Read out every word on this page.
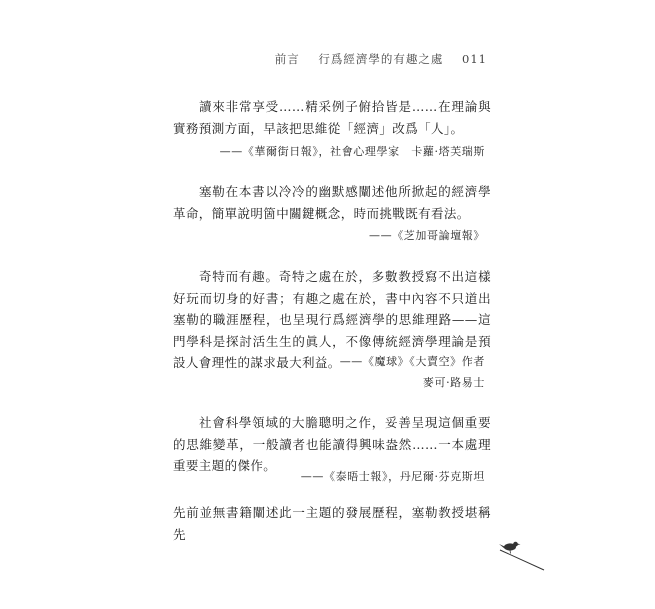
前言 行爲經濟學的有趣之處 011
讀來非常享受……精采例子俯拾皆是……在理論與實務預測方面，早該把思維從「經濟」改爲「人」。
——《華爾街日報》，社會心理學家　卡蘿·塔芙瑞斯
塞勒在本書以冷冷的幽默感闡述他所掀起的經濟學革命，簡單說明箇中關鍵概念，時而挑戰既有看法。
——《芝加哥論壇報》
奇特而有趣。奇特之處在於，多數教授寫不出這樣好玩而切身的好書；有趣之處在於，書中內容不只道出塞勒的職涯歷程，也呈現行爲經濟學的思維理路——這門學科是探討活生生的眞人，不像傳統經濟學理論是預設人會理性的謀求最大利益。
——《魔球》《大賣空》作者
麥可·路易士
社會科學領域的大膽聰明之作，妥善呈現這個重要的思維變革，一般讀者也能讀得興味盎然……一本處理重要主題的傑作。
——《泰晤士報》，丹尼爾·芬克斯坦
先前並無書籍闡述此一主題的發展歷程，塞勒教授堪稱先
